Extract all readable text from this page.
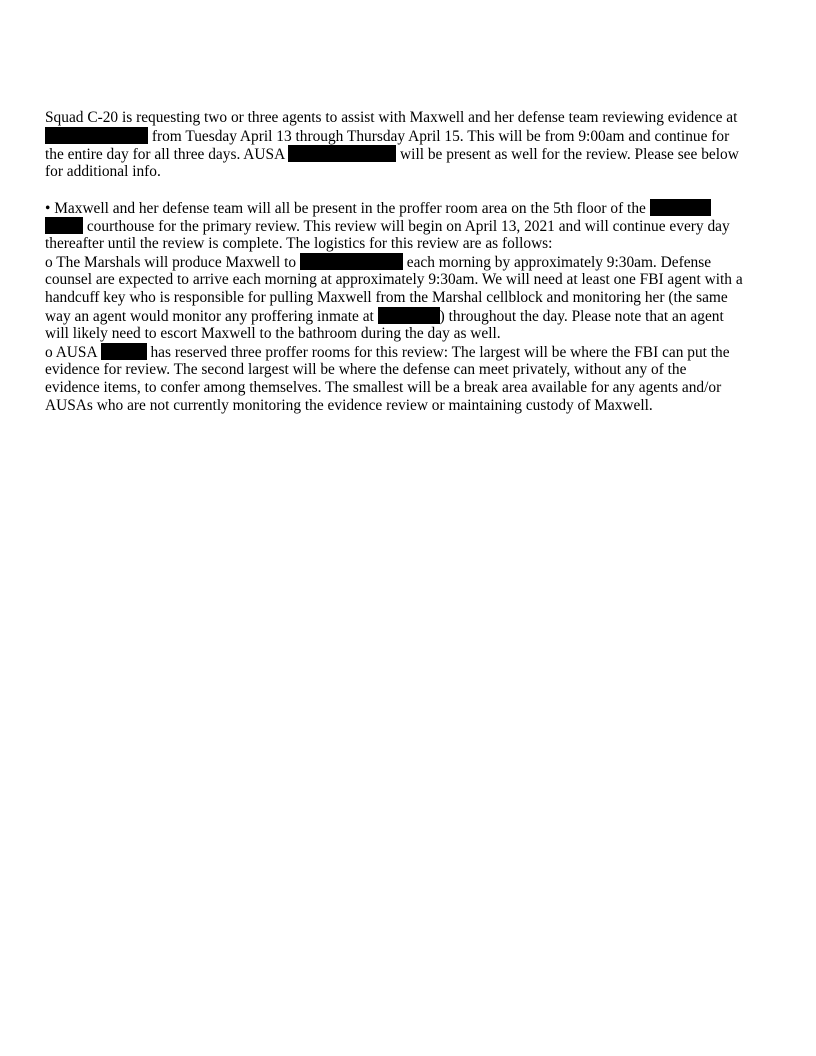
Squad C-20 is requesting two or three agents to assist with Maxwell and her defense team reviewing evidence at
from Tuesday April 13 through Thursday April 15. This will be from 9:00am and continue for
the entire day for all three days. AUSA	will be present as well for the review. Please see below
for additional info.
• Maxwell and her defense team will all be present in the proffer room area on the 5th floor of the
courthouse for the primary review. This review will begin on April 13, 2021 and will continue every day
thereafter until the review is complete. The logistics for this review are as follows:
o The Marshals will produce Maxwell to	each morning by approximately 9:30am. Defense
counsel are expected to arrive each morning at approximately 9:30am. We will need at least one FBI agent with a
handcuff key who is responsible for pulling Maxwell from the Marshal cellblock and monitoring her (the same
way an agent would monitor any proffering inmate at	) throughout the day. Please note that an agent
will likely need to escort Maxwell to the bathroom during the day as well.
o AUSA	has reserved three proffer rooms for this review: The largest will be where the FBI can put the
evidence for review. The second largest will be where the defense can meet privately, without any of the
evidence items, to confer among themselves. The smallest will be a break area available for any agents and/or
AUSAs who are not currently monitoring the evidence review or maintaining custody of Maxwell.
